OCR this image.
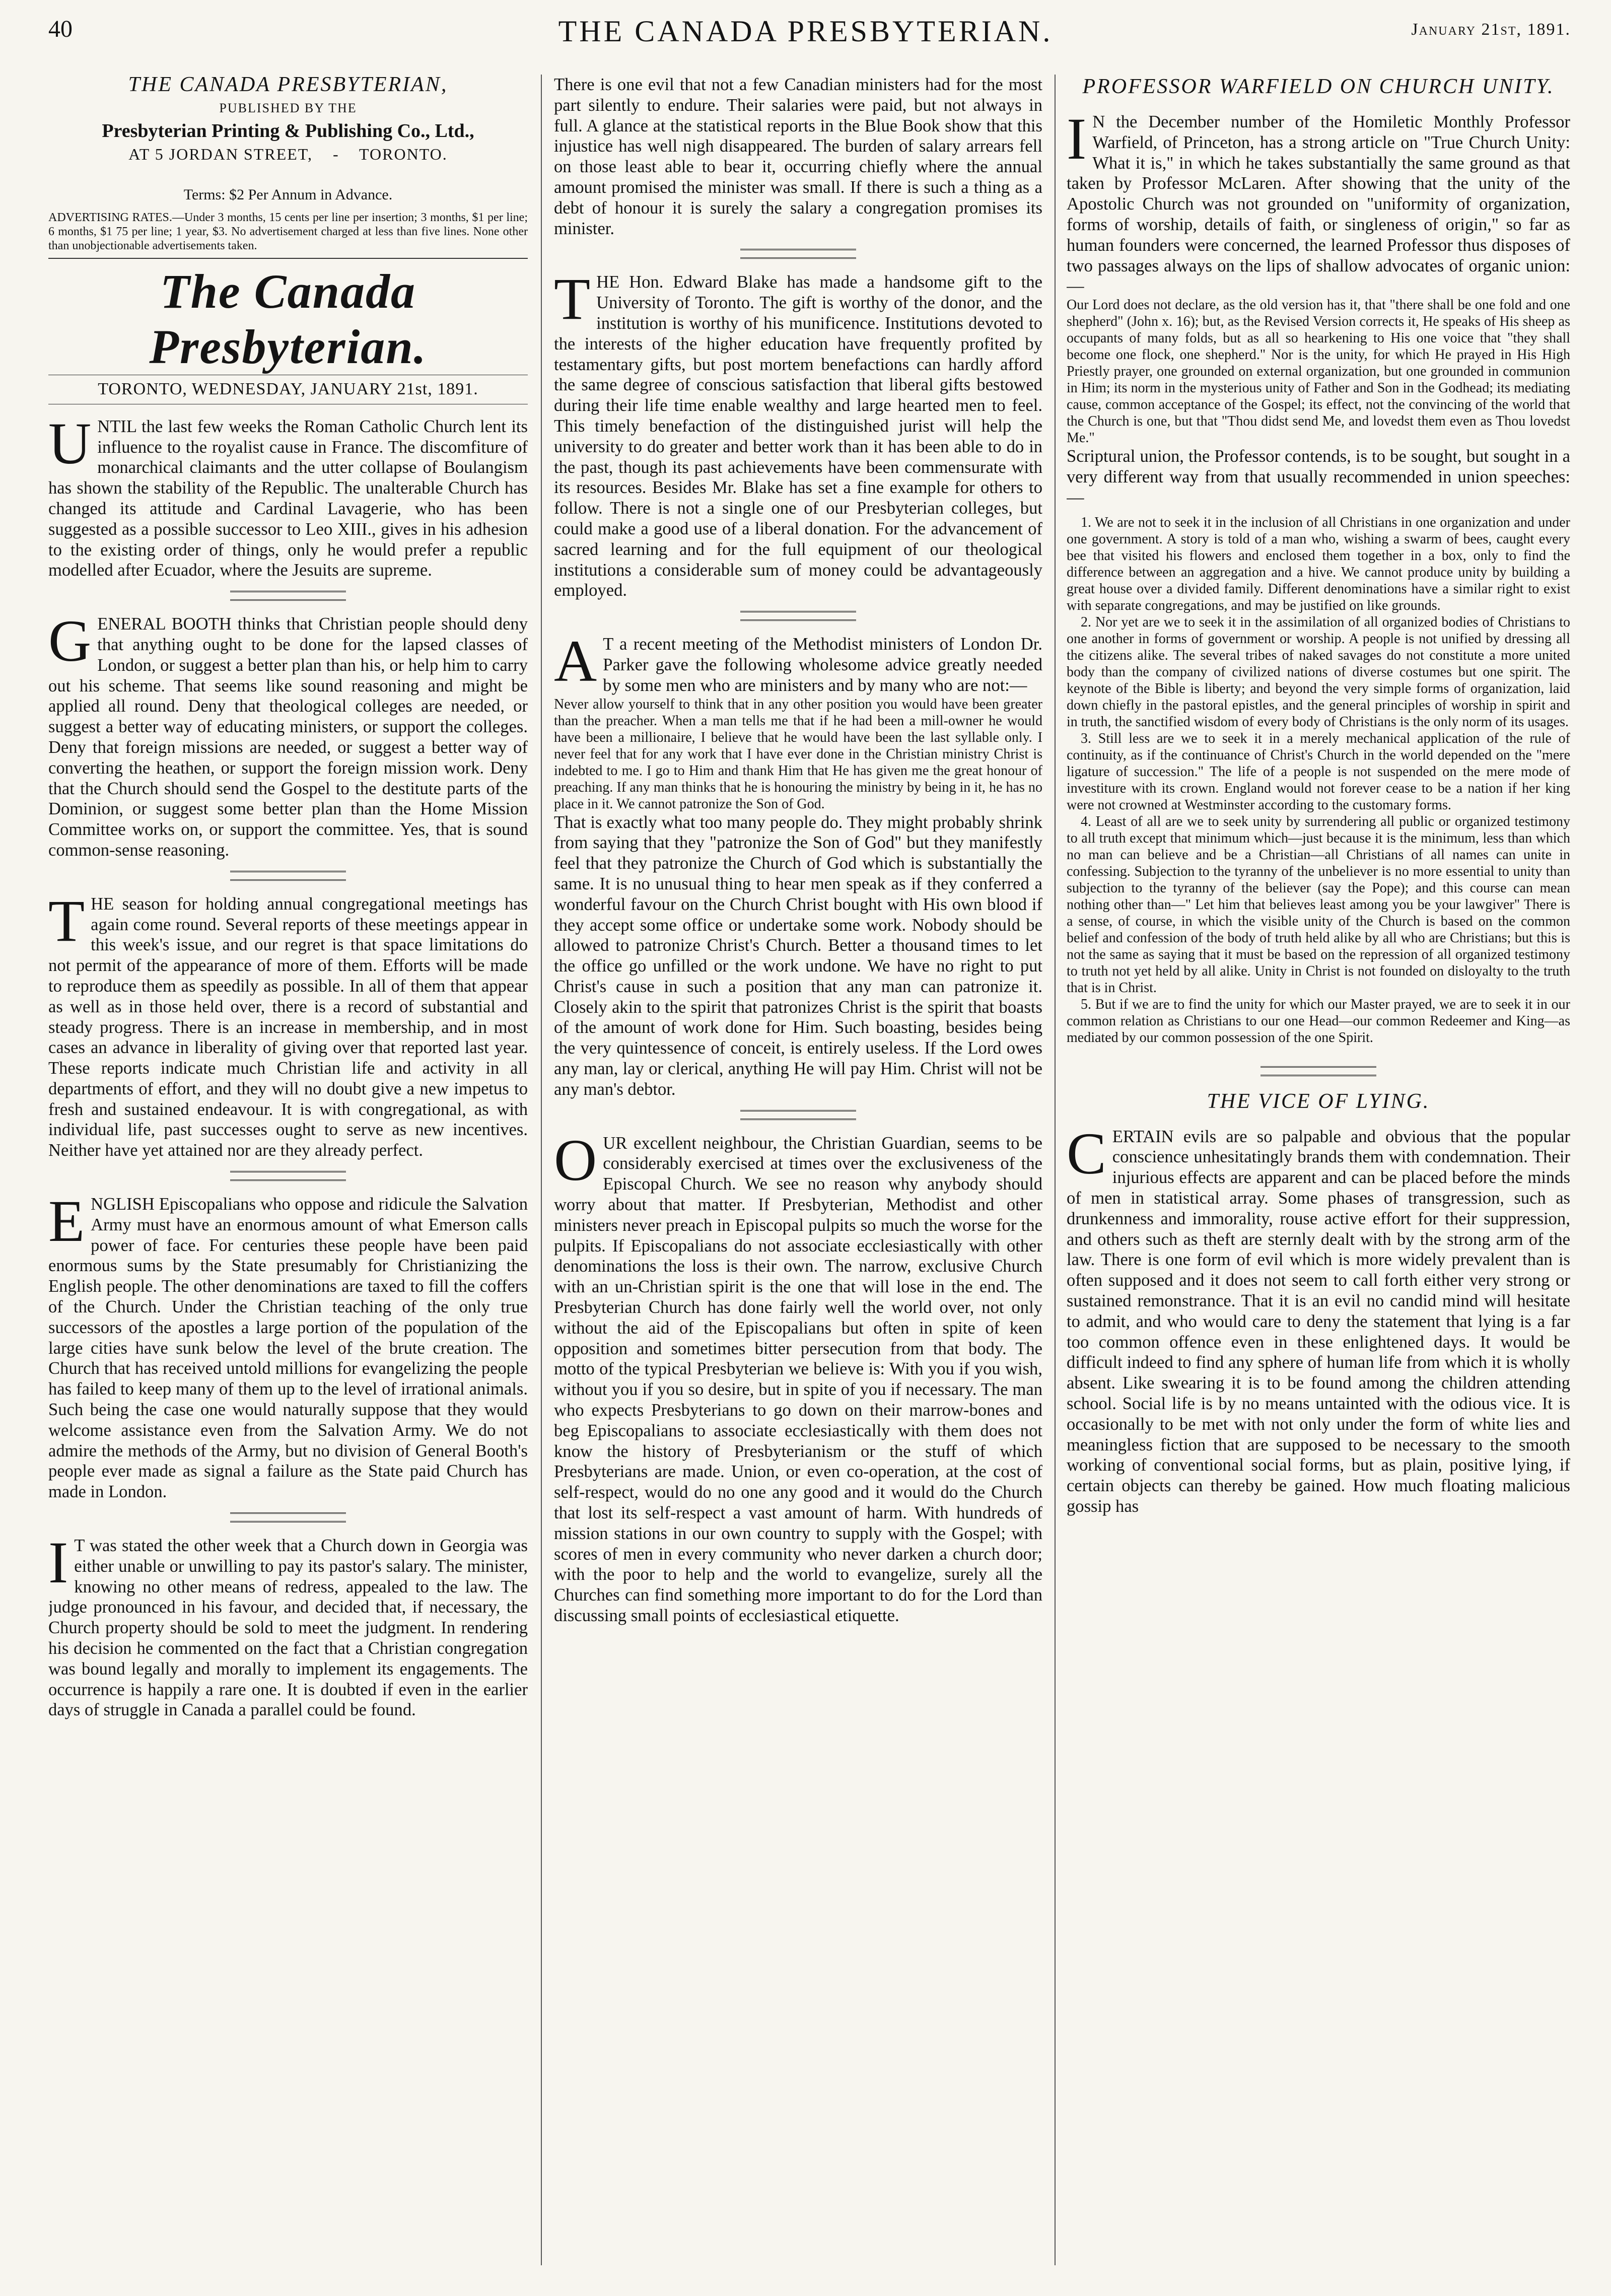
40	THE CANADA PRESBYTERIAN.	January 21st, 1891.
THE CANADA PRESBYTERIAN,
PUBLISHED BY THE
Presbyterian Printing & Publishing Co., Ltd.,
AT 5 JORDAN STREET,    -    TORONTO.
Terms: $2 Per Annum in Advance.
ADVERTISING RATES.—Under 3 months, 15 cents per line per insertion; 3 months, $1 per line; 6 months, $1 75 per line; 1 year, $3. No advertisement charged at less than five lines. None other than unobjectionable advertisements taken.
The Canada Presbyterian.
TORONTO, WEDNESDAY, JANUARY 21st, 1891.
U NTIL the last few weeks the Roman Catholic Church lent its influence to the royalist cause in France. The discomfiture of monarchical claimants and the utter collapse of Boulangism has shown the stability of the Republic. The unalterable Church has changed its attitude and Cardinal Lavagerie, who has been suggested as a possible successor to Leo XIII., gives in his adhesion to the existing order of things, only he would prefer a republic modelled after Ecuador, where the Jesuits are supreme.

G ENERAL BOOTH thinks that Christian people should deny that anything ought to be done for the lapsed classes of London, or suggest a better plan than his, or help him to carry out his scheme. That seems like sound reasoning and might be applied all round. Deny that theological colleges are needed, or suggest a better way of educating ministers, or support the colleges. Deny that foreign missions are needed, or suggest a better way of converting the heathen, or support the foreign mission work. Deny that the Church should send the Gospel to the destitute parts of the Dominion, or suggest some better plan than the Home Mission Committee works on, or support the committee. Yes, that is sound common-sense reasoning.

T HE season for holding annual congregational meetings has again come round. Several reports of these meetings appear in this week's issue, and our regret is that space limitations do not permit of the appearance of more of them. Efforts will be made to reproduce them as speedily as possible. In all of them that appear as well as in those held over, there is a record of substantial and steady progress. There is an increase in membership, and in most cases an advance in liberality of giving over that reported last year. These reports indicate much Christian life and activity in all departments of effort, and they will no doubt give a new impetus to fresh and sustained endeavour. It is with congregational, as with individual life, past successes ought to serve as new incentives. Neither have yet attained nor are they already perfect.

E NGLISH Episcopalians who oppose and ridicule the Salvation Army must have an enormous amount of what Emerson calls power of face. For centuries these people have been paid enormous sums by the State presumably for Christianizing the English people. The other denominations are taxed to fill the coffers of the Church. Under the Christian teaching of the only true successors of the apostles a large portion of the population of the large cities have sunk below the level of the brute creation. The Church that has received untold millions for evangelizing the people has failed to keep many of them up to the level of irrational animals. Such being the case one would naturally suppose that they would welcome assistance even from the Salvation Army. We do not admire the methods of the Army, but no division of General Booth's people ever made as signal a failure as the State paid Church has made in London.

I T was stated the other week that a Church down in Georgia was either unable or unwilling to pay its pastor's salary. The minister, knowing no other means of redress, appealed to the law. The judge pronounced in his favour, and decided that, if necessary, the Church property should be sold to meet the judgment. In rendering his decision he commented on the fact that a Christian congregation was bound legally and morally to implement its engagements. The occurrence is happily a rare one. It is doubted if even in the earlier days of struggle in Canada a parallel could be found.

There is one evil that not a few Canadian ministers had for the most part silently to endure. Their salaries were paid, but not always in full. A glance at the statistical reports in the Blue Book show that this injustice has well nigh disappeared. The burden of salary arrears fell on those least able to bear it, occurring chiefly where the annual amount promised the minister was small. If there is such a thing as a debt of honour it is surely the salary a congregation promises its minister.

T HE Hon. Edward Blake has made a handsome gift to the University of Toronto. The gift is worthy of the donor, and the institution is worthy of his munificence. Institutions devoted to the interests of the higher education have frequently profited by testamentary gifts, but post mortem benefactions can hardly afford the same degree of conscious satisfaction that liberal gifts bestowed during their life time enable wealthy and large hearted men to feel. This timely benefaction of the distinguished jurist will help the university to do greater and better work than it has been able to do in the past, though its past achievements have been commensurate with its resources. Besides Mr. Blake has set a fine example for others to follow. There is not a single one of our Presbyterian colleges, but could make a good use of a liberal donation. For the advancement of sacred learning and for the full equipment of our theological institutions a considerable sum of money could be advantageously employed.

A T a recent meeting of the Methodist ministers of London Dr. Parker gave the following wholesome advice greatly needed by some men who are ministers and by many who are not:—

Never allow yourself to think that in any other position you would have been greater than the preacher. When a man tells me that if he had been a mill-owner he would have been a millionaire, I believe that he would have been the last syllable only. I never feel that for any work that I have ever done in the Christian ministry Christ is indebted to me. I go to Him and thank Him that He has given me the great honour of preaching. If any man thinks that he is honouring the ministry by being in it, he has no place in it. We cannot patronize the Son of God.

That is exactly what too many people do. They might probably shrink from saying that they "patronize the Son of God" but they manifestly feel that they patronize the Church of God which is substantially the same. It is no unusual thing to hear men speak as if they conferred a wonderful favour on the Church Christ bought with His own blood if they accept some office or undertake some work. Nobody should be allowed to patronize Christ's Church. Better a thousand times to let the office go unfilled or the work undone. We have no right to put Christ's cause in such a position that any man can patronize it. Closely akin to the spirit that patronizes Christ is the spirit that boasts of the amount of work done for Him. Such boasting, besides being the very quintessence of conceit, is entirely useless. If the Lord owes any man, lay or clerical, anything He will pay Him. Christ will not be any man's debtor.

O UR excellent neighbour, the Christian Guardian, seems to be considerably exercised at times over the exclusiveness of the Episcopal Church. We see no reason why anybody should worry about that matter. If Presbyterian, Methodist and other ministers never preach in Episcopal pulpits so much the worse for the pulpits. If Episcopalians do not associate ecclesiastically with other denominations the loss is their own. The narrow, exclusive Church with an un-Christian spirit is the one that will lose in the end. The Presbyterian Church has done fairly well the world over, not only without the aid of the Episcopalians but often in spite of keen opposition and sometimes bitter persecution from that body. The motto of the typical Presbyterian we believe is: With you if you wish, without you if you so desire, but in spite of you if necessary. The man who expects Presbyterians to go down on their marrow-bones and beg Episcopalians to associate ecclesiastically with them does not know the history of Presbyterianism or the stuff of which Presbyterians are made. Union, or even co-operation, at the cost of self-respect, would do no one any good and it would do the Church that lost its self-respect a vast amount of harm. With hundreds of mission stations in our own country to supply with the Gospel; with scores of men in every community who never darken a church door; with the poor to help and the world to evangelize, surely all the Churches can find something more important to do for the Lord than discussing small points of ecclesiastical etiquette.

PROFESSOR WARFIELD ON CHURCH UNITY.
I N the December number of the Homiletic Monthly Professor Warfield, of Princeton, has a strong article on "True Church Unity: What it is," in which he takes substantially the same ground as that taken by Professor McLaren. After showing that the unity of the Apostolic Church was not grounded on "uniformity of organization, forms of worship, details of faith, or singleness of origin," so far as human founders were concerned, the learned Professor thus disposes of two passages always on the lips of shallow advocates of organic union:—

Our Lord does not declare, as the old version has it, that "there shall be one fold and one shepherd" (John x. 16); but, as the Revised Version corrects it, He speaks of His sheep as occupants of many folds, but as all so hearkening to His one voice that "they shall become one flock, one shepherd." Nor is the unity, for which He prayed in His High Priestly prayer, one grounded on external organization, but one grounded in communion in Him; its norm in the mysterious unity of Father and Son in the Godhead; its mediating cause, common acceptance of the Gospel; its effect, not the convincing of the world that the Church is one, but that "Thou didst send Me, and lovedst them even as Thou lovedst Me."

Scriptural union, the Professor contends, is to be sought, but sought in a very different way from that usually recommended in union speeches:—

1. We are not to seek it in the inclusion of all Christians in one organization and under one government. A story is told of a man who, wishing a swarm of bees, caught every bee that visited his flowers and enclosed them together in a box, only to find the difference between an aggregation and a hive. We cannot produce unity by building a great house over a divided family. Different denominations have a similar right to exist with separate congregations, and may be justified on like grounds.

2. Nor yet are we to seek it in the assimilation of all organized bodies of Christians to one another in forms of government or worship. A people is not unified by dressing all the citizens alike. The several tribes of naked savages do not constitute a more united body than the company of civilized nations of diverse costumes but one spirit. The keynote of the Bible is liberty; and beyond the very simple forms of organization, laid down chiefly in the pastoral epistles, and the general principles of worship in spirit and in truth, the sanctified wisdom of every body of Christians is the only norm of its usages.

3. Still less are we to seek it in a merely mechanical application of the rule of continuity, as if the continuance of Christ's Church in the world depended on the "mere ligature of succession." The life of a people is not suspended on the mere mode of investiture with its crown. England would not forever cease to be a nation if her king were not crowned at Westminster according to the customary forms.

4. Least of all are we to seek unity by surrendering all public or organized testimony to all truth except that minimum which—just because it is the minimum, less than which no man can believe and be a Christian—all Christians of all names can unite in confessing. Subjection to the tyranny of the unbeliever is no more essential to unity than subjection to the tyranny of the believer (say the Pope); and this course can mean nothing other than—" Let him that believes least among you be your lawgiver" There is a sense, of course, in which the visible unity of the Church is based on the common belief and confession of the body of truth held alike by all who are Christians; but this is not the same as saying that it must be based on the repression of all organized testimony to truth not yet held by all alike. Unity in Christ is not founded on disloyalty to the truth that is in Christ.

5. But if we are to find the unity for which our Master prayed, we are to seek it in our common relation as Christians to our one Head—our common Redeemer and King—as mediated by our common possession of the one Spirit.

THE VICE OF LYING.
C ERTAIN evils are so palpable and obvious that the popular conscience unhesitatingly brands them with condemnation. Their injurious effects are apparent and can be placed before the minds of men in statistical array. Some phases of transgression, such as drunkenness and immorality, rouse active effort for their suppression, and others such as theft are sternly dealt with by the strong arm of the law. There is one form of evil which is more widely prevalent than is often supposed and it does not seem to call forth either very strong or sustained remonstrance. That it is an evil no candid mind will hesitate to admit, and who would care to deny the statement that lying is a far too common offence even in these enlightened days. It would be difficult indeed to find any sphere of human life from which it is wholly absent. Like swearing it is to be found among the children attending school. Social life is by no means untainted with the odious vice. It is occasionally to be met with not only under the form of white lies and meaningless fiction that are supposed to be necessary to the smooth working of conventional social forms, but as plain, positive lying, if certain objects can thereby be gained. How much floating malicious gossip has
